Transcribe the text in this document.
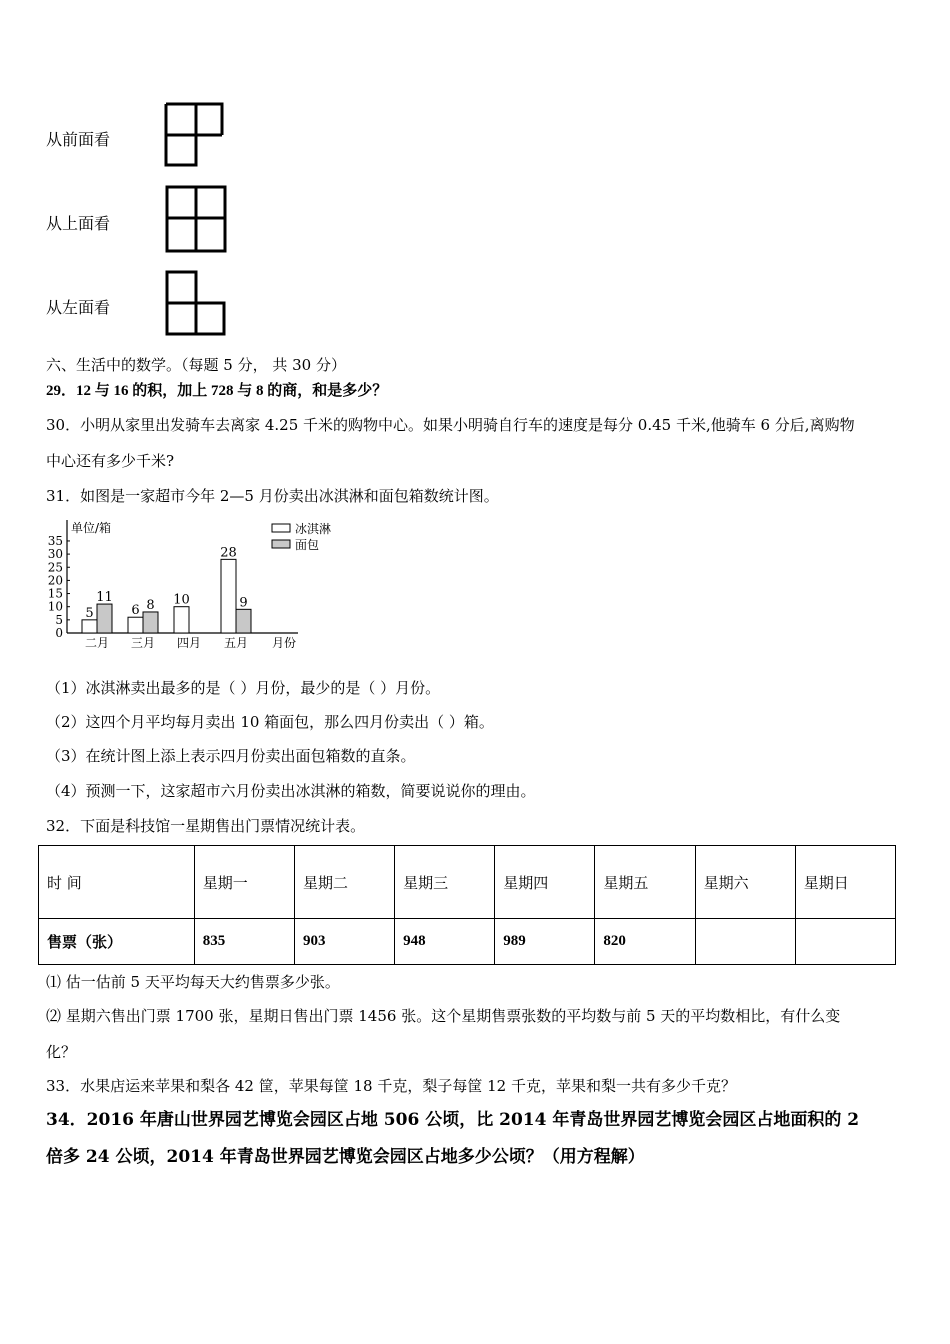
从前面看
从上面看
从左面看
六、生活中的数学。（每题 5 分， 共 30 分）
29．12 与 16 的积，加上 728 与 8 的商，和是多少？
30．小明从家里出发骑车去离家 4.25 千米的购物中心。如果小明骑自行车的速度是每分 0.45 千米,他骑车 6 分后,离购物
中心还有多少千米?
31．如图是一家超市今年 2—5 月份卖出冰淇淋和面包箱数统计图。
0
5
10
15
20
25
30
35
单位/箱
月份
5
11
二月
6 8
三月
10
四月
28
9
五月
冰淇淋
面包
（1）冰淇淋卖出最多的是（ ）月份，最少的是（ ）月份。
（2）这四个月平均每月卖出 10 箱面包，那么四月份卖出（ ）箱。
（3）在统计图上添上表示四月份卖出面包箱数的直条。
（4）预测一下，这家超市六月份卖出冰淇淋的箱数，简要说说你的理由。
32．下面是科技馆一星期售出门票情况统计表。
时 间	星期一	星期二	星期三	星期四	星期五	星期六	星期日
售票（张）	835	903	948	989	820		
⑴ 估一估前 5 天平均每天大约售票多少张。
⑵ 星期六售出门票 1700 张，星期日售出门票 1456 张。这个星期售票张数的平均数与前 5 天的平均数相比，有什么变
化？
33．水果店运来苹果和梨各 42 筐，苹果每筐 18 千克，梨子每筐 12 千克，苹果和梨一共有多少千克？
34．2016 年唐山世界园艺博览会园区占地 506 公顷，比 2014 年青岛世界园艺博览会园区占地面积的 2
倍多 24 公顷，2014 年青岛世界园艺博览会园区占地多少公顷？（用方程解）
